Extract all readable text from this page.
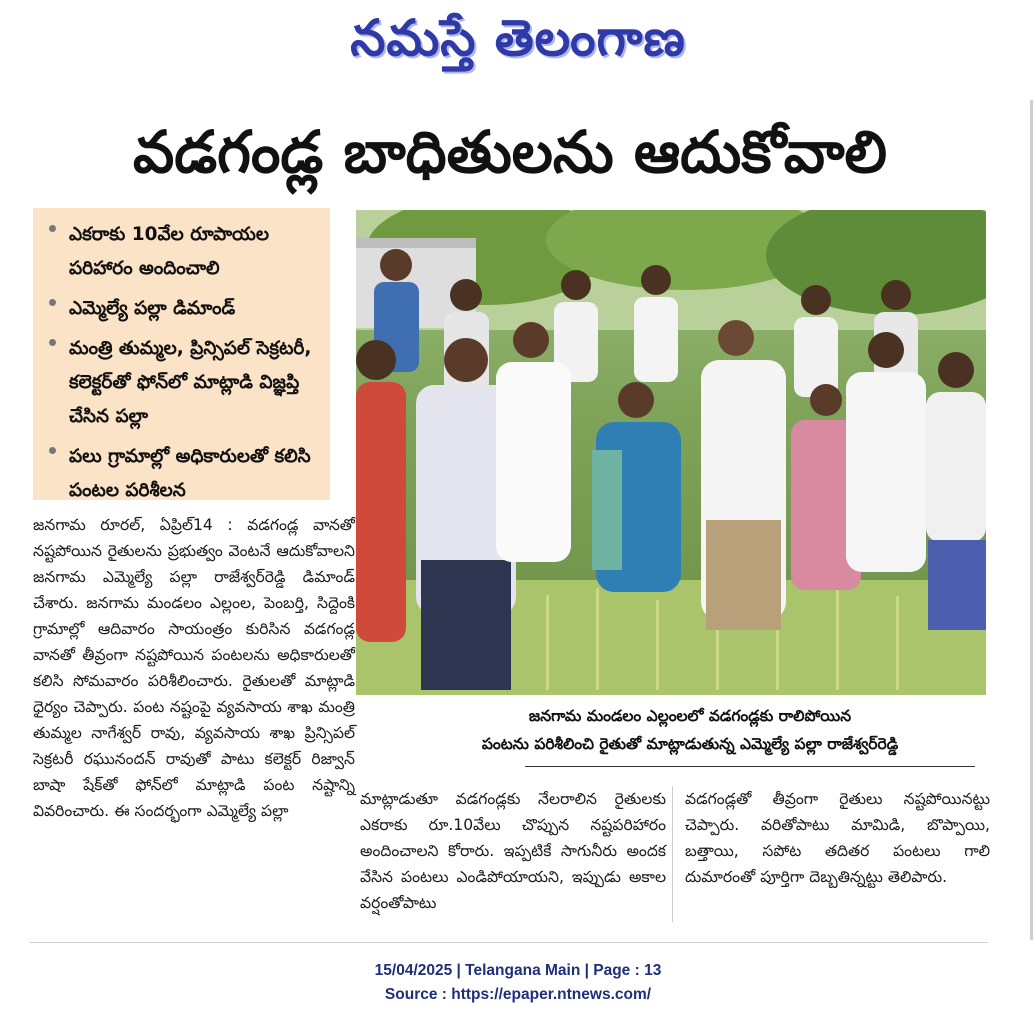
నమస్తే తెలంగాణ
వడగండ్ల బాధితులను ఆదుకోవాలి
ఎకరాకు 10వేల రూపాయల పరిహారం అందించాలి
ఎమ్మెల్యే పల్లా డిమాండ్
మంత్రి తుమ్మల, ప్రిన్సిపల్ సెక్రటరీ, కలెక్టర్‌తో ఫోన్‌లో మాట్లాడి విజ్ఞప్తి చేసిన పల్లా
పలు గ్రామాల్లో అధికారులతో కలిసి పంటల పరిశీలన
జనగామ రూరల్, ఏప్రిల్14 : వడగండ్ల వానతో నష్టపోయిన రైతులను ప్రభుత్వం వెంటనే ఆదుకోవాలని జనగామ ఎమ్మెల్యే పల్లా రాజేశ్వర్‌రెడ్డి డిమాండ్ చేశారు. జనగామ మండలం ఎల్లంల, పెంబర్తి, సిద్దెంకి గ్రామాల్లో ఆదివారం సాయంత్రం కురిసిన వడగండ్ల వానతో తీవ్రంగా నష్టపోయిన పంటలను అధికారులతో కలిసి సోమవారం పరిశీలించారు. రైతులతో మాట్లాడి ధైర్యం చెప్పారు. పంట నష్టంపై వ్యవసాయ శాఖ మంత్రి తుమ్మల నాగేశ్వర్ రావు, వ్యవసాయ శాఖ ప్రిన్సిపల్ సెక్రటరీ రఘునందన్ రావుతో పాటు కలెక్టర్ రిజ్వాన్ బాషా షేక్‌తో ఫోన్‌లో మాట్లాడి పంట నష్టాన్ని వివరించారు. ఈ సందర్భంగా ఎమ్మెల్యే పల్లా
జనగామ మండలం ఎల్లంలలో వడగండ్లకు రాలిపోయిన
పంటను పరిశీలించి రైతుతో మాట్లాడుతున్న ఎమ్మెల్యే పల్లా రాజేశ్వర్‌రెడ్డి
మాట్లాడుతూ వడగండ్లకు నేలరాలిన రైతులకు ఎకరాకు రూ.10వేలు చొప్పున నష్టపరిహారం అందించాలని కోరారు. ఇప్పటికే సాగునీరు అందక వేసిన పంటలు ఎండిపోయాయని, ఇప్పుడు అకాల వర్షంతోపాటు
వడగండ్లతో తీవ్రంగా రైతులు నష్టపోయినట్టు చెప్పారు. వరితోపాటు మామిడి, బొప్పాయి, బత్తాయి, సపోట తదితర పంటలు గాలి దుమారంతో పూర్తిగా దెబ్బతిన్నట్టు తెలిపారు.
15/04/2025 | Telangana Main | Page : 13
Source : https://epaper.ntnews.com/
